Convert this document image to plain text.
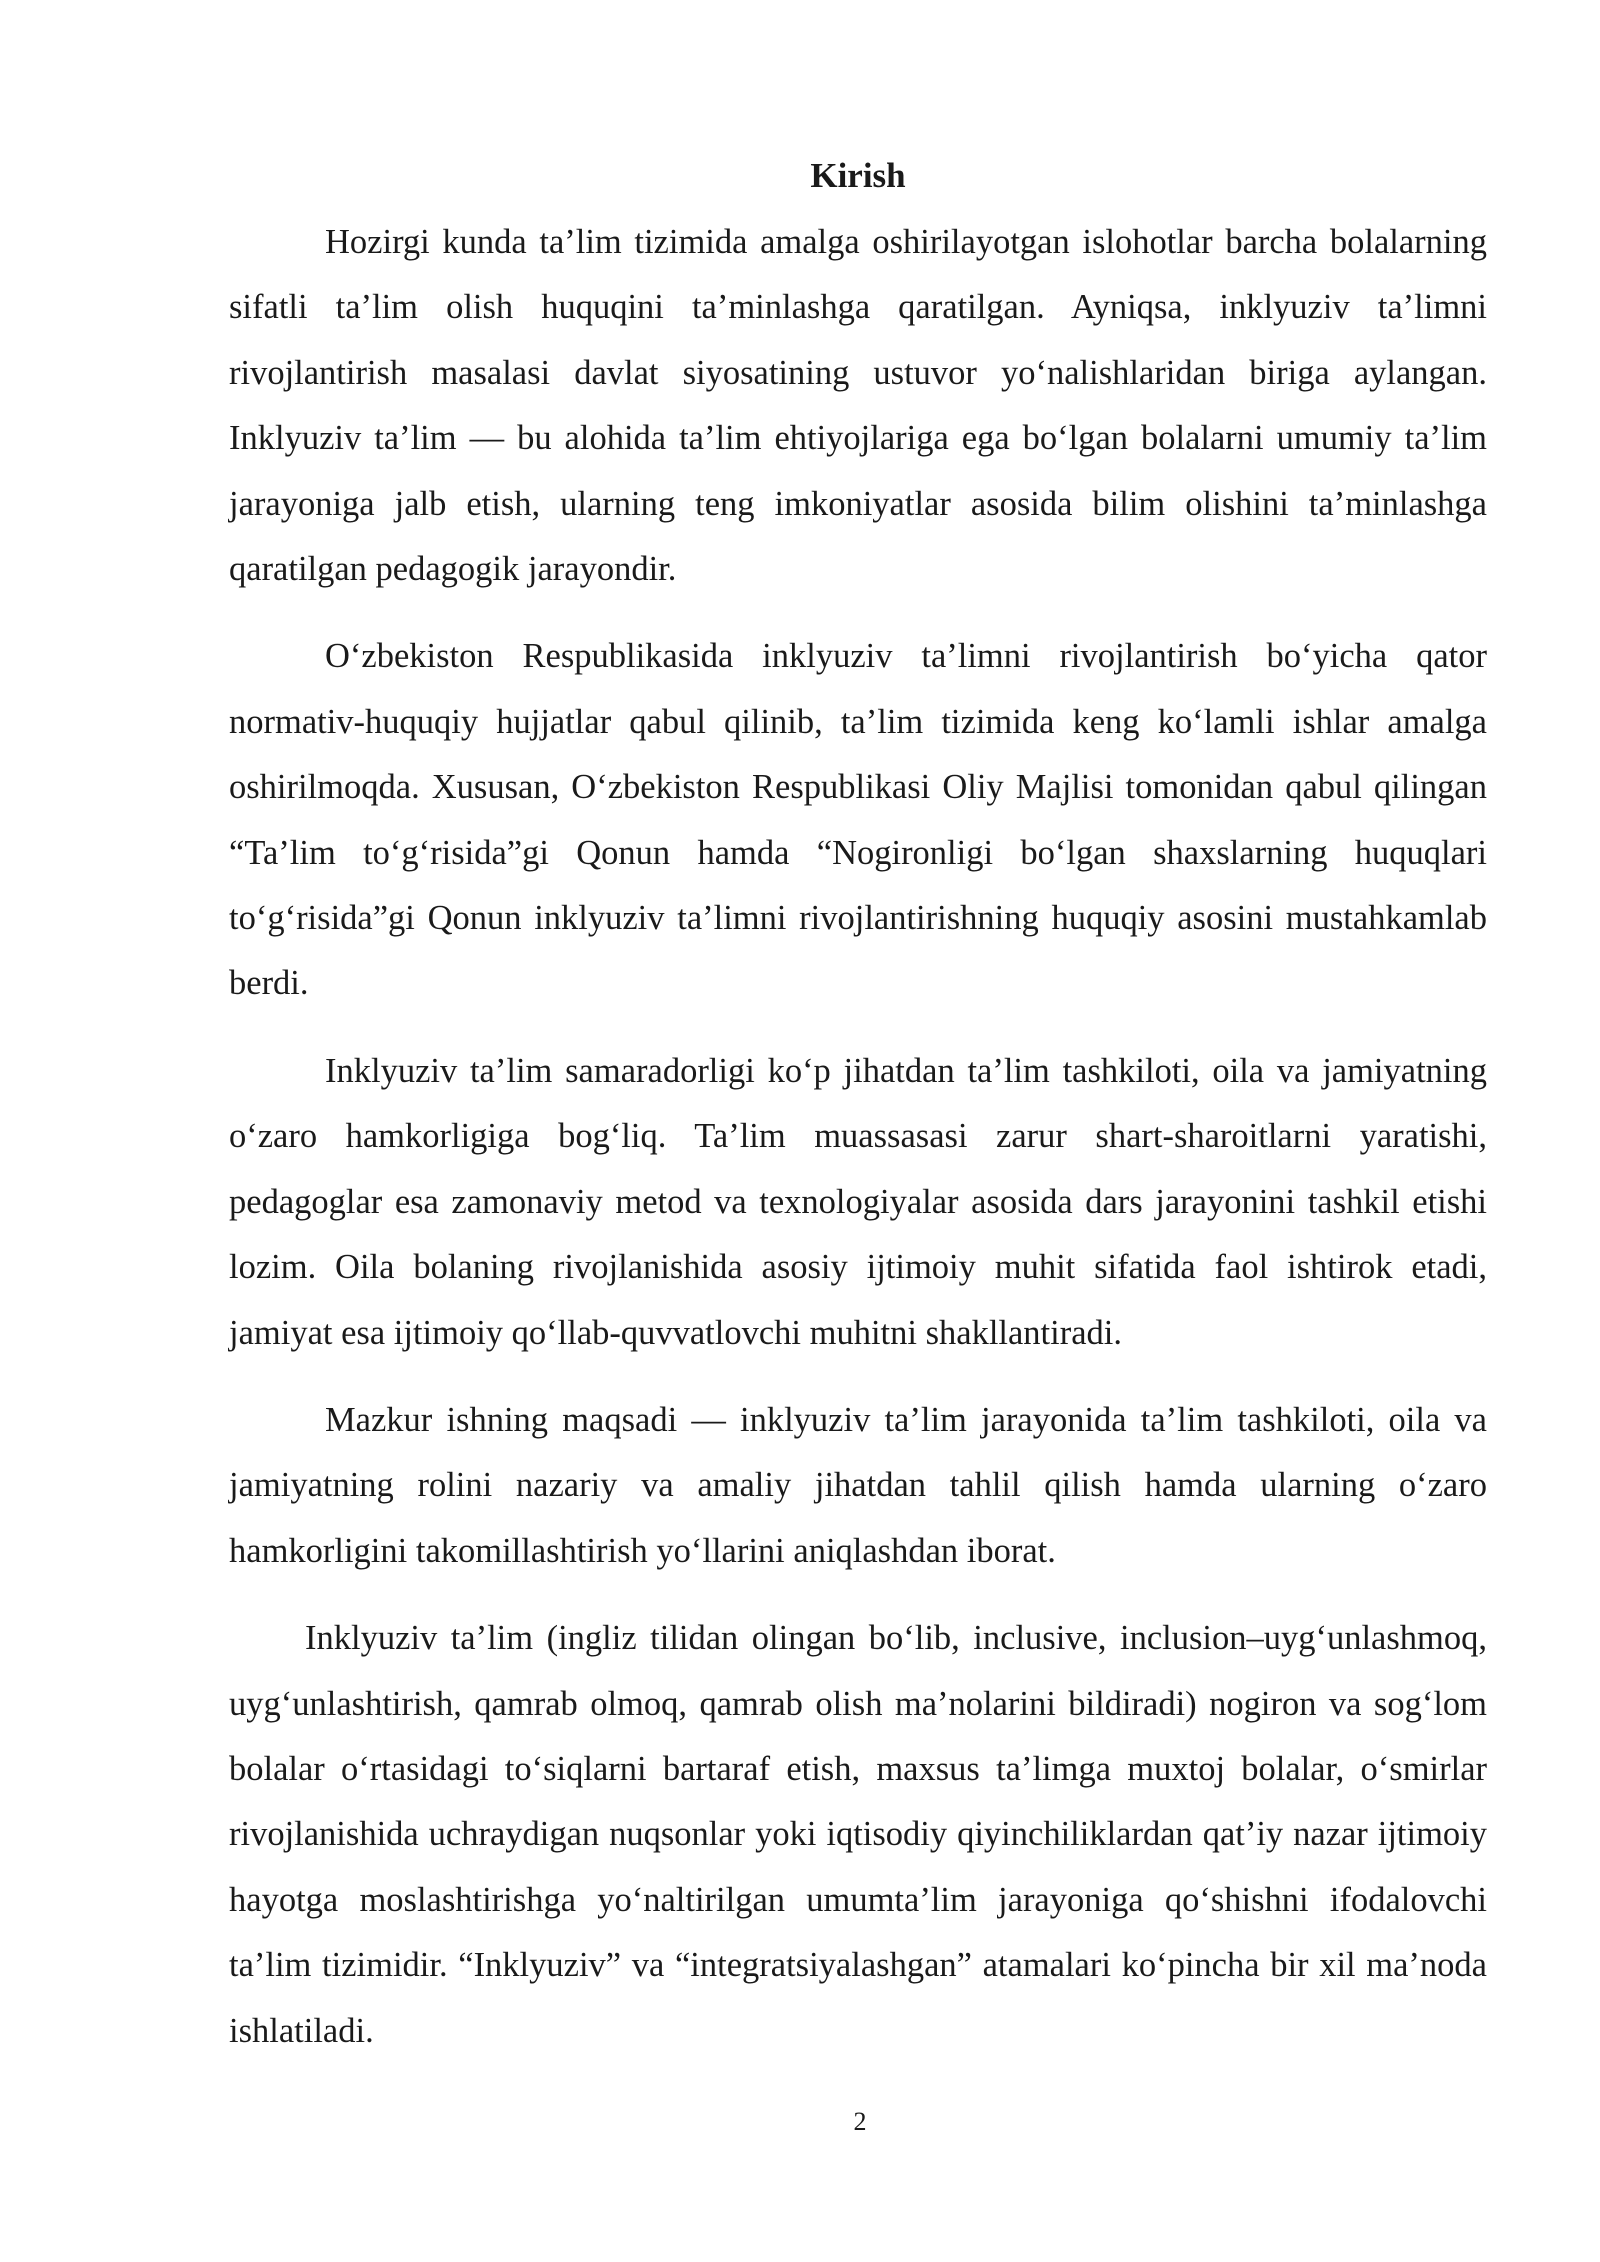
Kirish

Hozirgi kunda ta’lim tizimida amalga oshirilayotgan islohotlar barcha bolalarning sifatli ta’lim olish huquqini ta’minlashga qaratilgan. Ayniqsa, inklyuziv ta’limni rivojlantirish masalasi davlat siyosatining ustuvor yo‘nalishlaridan biriga aylangan. Inklyuziv ta’lim — bu alohida ta’lim ehtiyojlariga ega bo‘lgan bolalarni umumiy ta’lim jarayoniga jalb etish, ularning teng imkoniyatlar asosida bilim olishini ta’minlashga qaratilgan pedagogik jarayondir.

O‘zbekiston Respublikasida inklyuziv ta’limni rivojlantirish bo‘yicha qator normativ-huquqiy hujjatlar qabul qilinib, ta’lim tizimida keng ko‘lamli ishlar amalga oshirilmoqda. Xususan, O‘zbekiston Respublikasi Oliy Majlisi tomonidan qabul qilingan “Ta’lim to‘g‘risida”gi Qonun hamda “Nogironligi bo‘lgan shaxslarning huquqlari to‘g‘risida”gi Qonun inklyuziv ta’limni rivojlantirishning huquqiy asosini mustahkamlab berdi.

Inklyuziv ta’lim samaradorligi ko‘p jihatdan ta’lim tashkiloti, oila va jamiyatning o‘zaro hamkorligiga bog‘liq. Ta’lim muassasasi zarur shart-sharoitlarni yaratishi, pedagoglar esa zamonaviy metod va texnologiyalar asosida dars jarayonini tashkil etishi lozim. Oila bolaning rivojlanishida asosiy ijtimoiy muhit sifatida faol ishtirok etadi, jamiyat esa ijtimoiy qo‘llab-quvvatlovchi muhitni shakllantiradi.

Mazkur ishning maqsadi — inklyuziv ta’lim jarayonida ta’lim tashkiloti, oila va jamiyatning rolini nazariy va amaliy jihatdan tahlil qilish hamda ularning o‘zaro hamkorligini takomillashtirish yo‘llarini aniqlashdan iborat.

Inklyuziv ta’lim (ingliz tilidan olingan bo‘lib, inclusive, inclusion–uyg‘unlashmoq, uyg‘unlashtirish, qamrab olmoq, qamrab olish ma’nolarini bildiradi) nogiron va sog‘lom bolalar o‘rtasidagi to‘siqlarni bartaraf etish, maxsus ta’limga muxtoj bolalar, o‘smirlar rivojlanishida uchraydigan nuqsonlar yoki iqtisodiy qiyinchiliklardan qat’iy nazar ijtimoiy hayotga moslashtirishga yo‘naltirilgan umumta’lim jarayoniga qo‘shishni ifodalovchi ta’lim tizimidir. “Inklyuziv” va “integratsiyalashgan” atamalari ko‘pincha bir xil ma’noda ishlatiladi.

2
